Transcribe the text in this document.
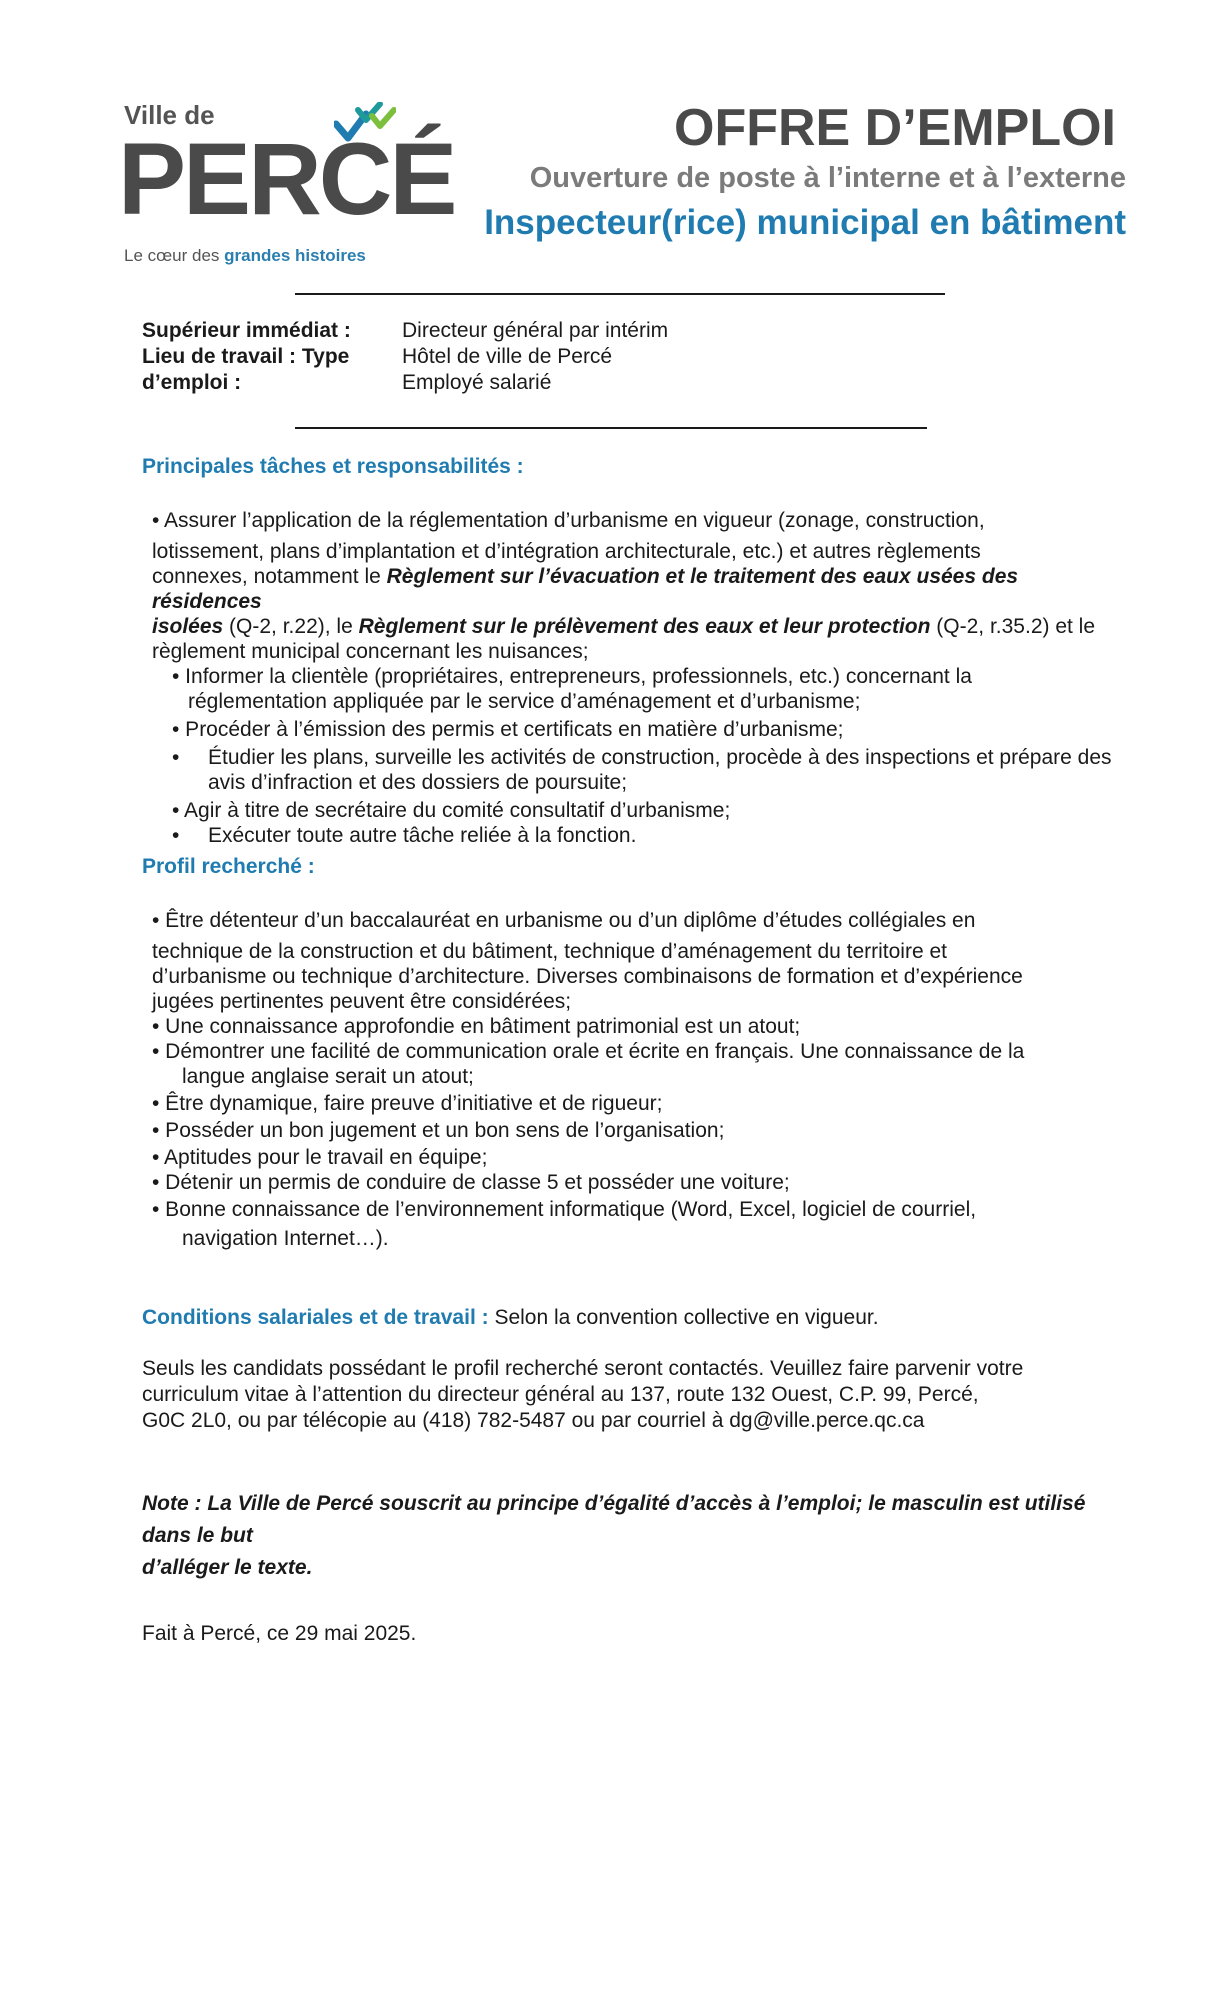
Ville de
PERCÉ
Le cœur des grandes histoires
OFFRE D’EMPLOI
Ouverture de poste à l’interne et à l’externe
Inspecteur(rice) municipal en bâtiment
Supérieur immédiat : Directeur général par intérim
Lieu de travail : Type	Hôtel de ville de Percé
d’emploi :	Employé salarié
Principales tâches et responsabilités :
• Assurer l’application de la réglementation d’urbanisme en vigueur (zonage, construction,
lotissement, plans d’implantation et d’intégration architecturale, etc.) et autres règlements
connexes, notamment le Règlement sur l’évacuation et le traitement des eaux usées des résidences
isolées (Q-2, r.22), le Règlement sur le prélèvement des eaux et leur protection (Q-2, r.35.2) et le
règlement municipal concernant les nuisances;
• Informer la clientèle (propriétaires, entrepreneurs, professionnels, etc.) concernant la
réglementation appliquée par le service d’aménagement et d’urbanisme;
• Procéder à l’émission des permis et certificats en matière d’urbanisme;
• Étudier les plans, surveille les activités de construction, procède à des inspections et prépare des
avis d’infraction et des dossiers de poursuite;
• Agir à titre de secrétaire du comité consultatif d’urbanisme;
• Exécuter toute autre tâche reliée à la fonction.
Profil recherché :
• Être détenteur d’un baccalauréat en urbanisme ou d’un diplôme d’études collégiales en
technique de la construction et du bâtiment, technique d’aménagement du territoire et
d’urbanisme ou technique d’architecture. Diverses combinaisons de formation et d’expérience
jugées pertinentes peuvent être considérées;
• Une connaissance approfondie en bâtiment patrimonial est un atout;
• Démontrer une facilité de communication orale et écrite en français. Une connaissance de la
langue anglaise serait un atout;
• Être dynamique, faire preuve d’initiative et de rigueur;
• Posséder un bon jugement et un bon sens de l’organisation;
• Aptitudes pour le travail en équipe;
• Détenir un permis de conduire de classe 5 et posséder une voiture;
• Bonne connaissance de l’environnement informatique (Word, Excel, logiciel de courriel,
navigation Internet…).
Conditions salariales et de travail : Selon la convention collective en vigueur.
Seuls les candidats possédant le profil recherché seront contactés. Veuillez faire parvenir votre
curriculum vitae à l’attention du directeur général au 137, route 132 Ouest, C.P. 99, Percé,
G0C 2L0, ou par télécopie au (418) 782-5487 ou par courriel à dg@ville.perce.qc.ca
Note : La Ville de Percé souscrit au principe d’égalité d’accès à l’emploi; le masculin est utilisé dans le but
d’alléger le texte.
Fait à Percé, ce 29 mai 2025.
